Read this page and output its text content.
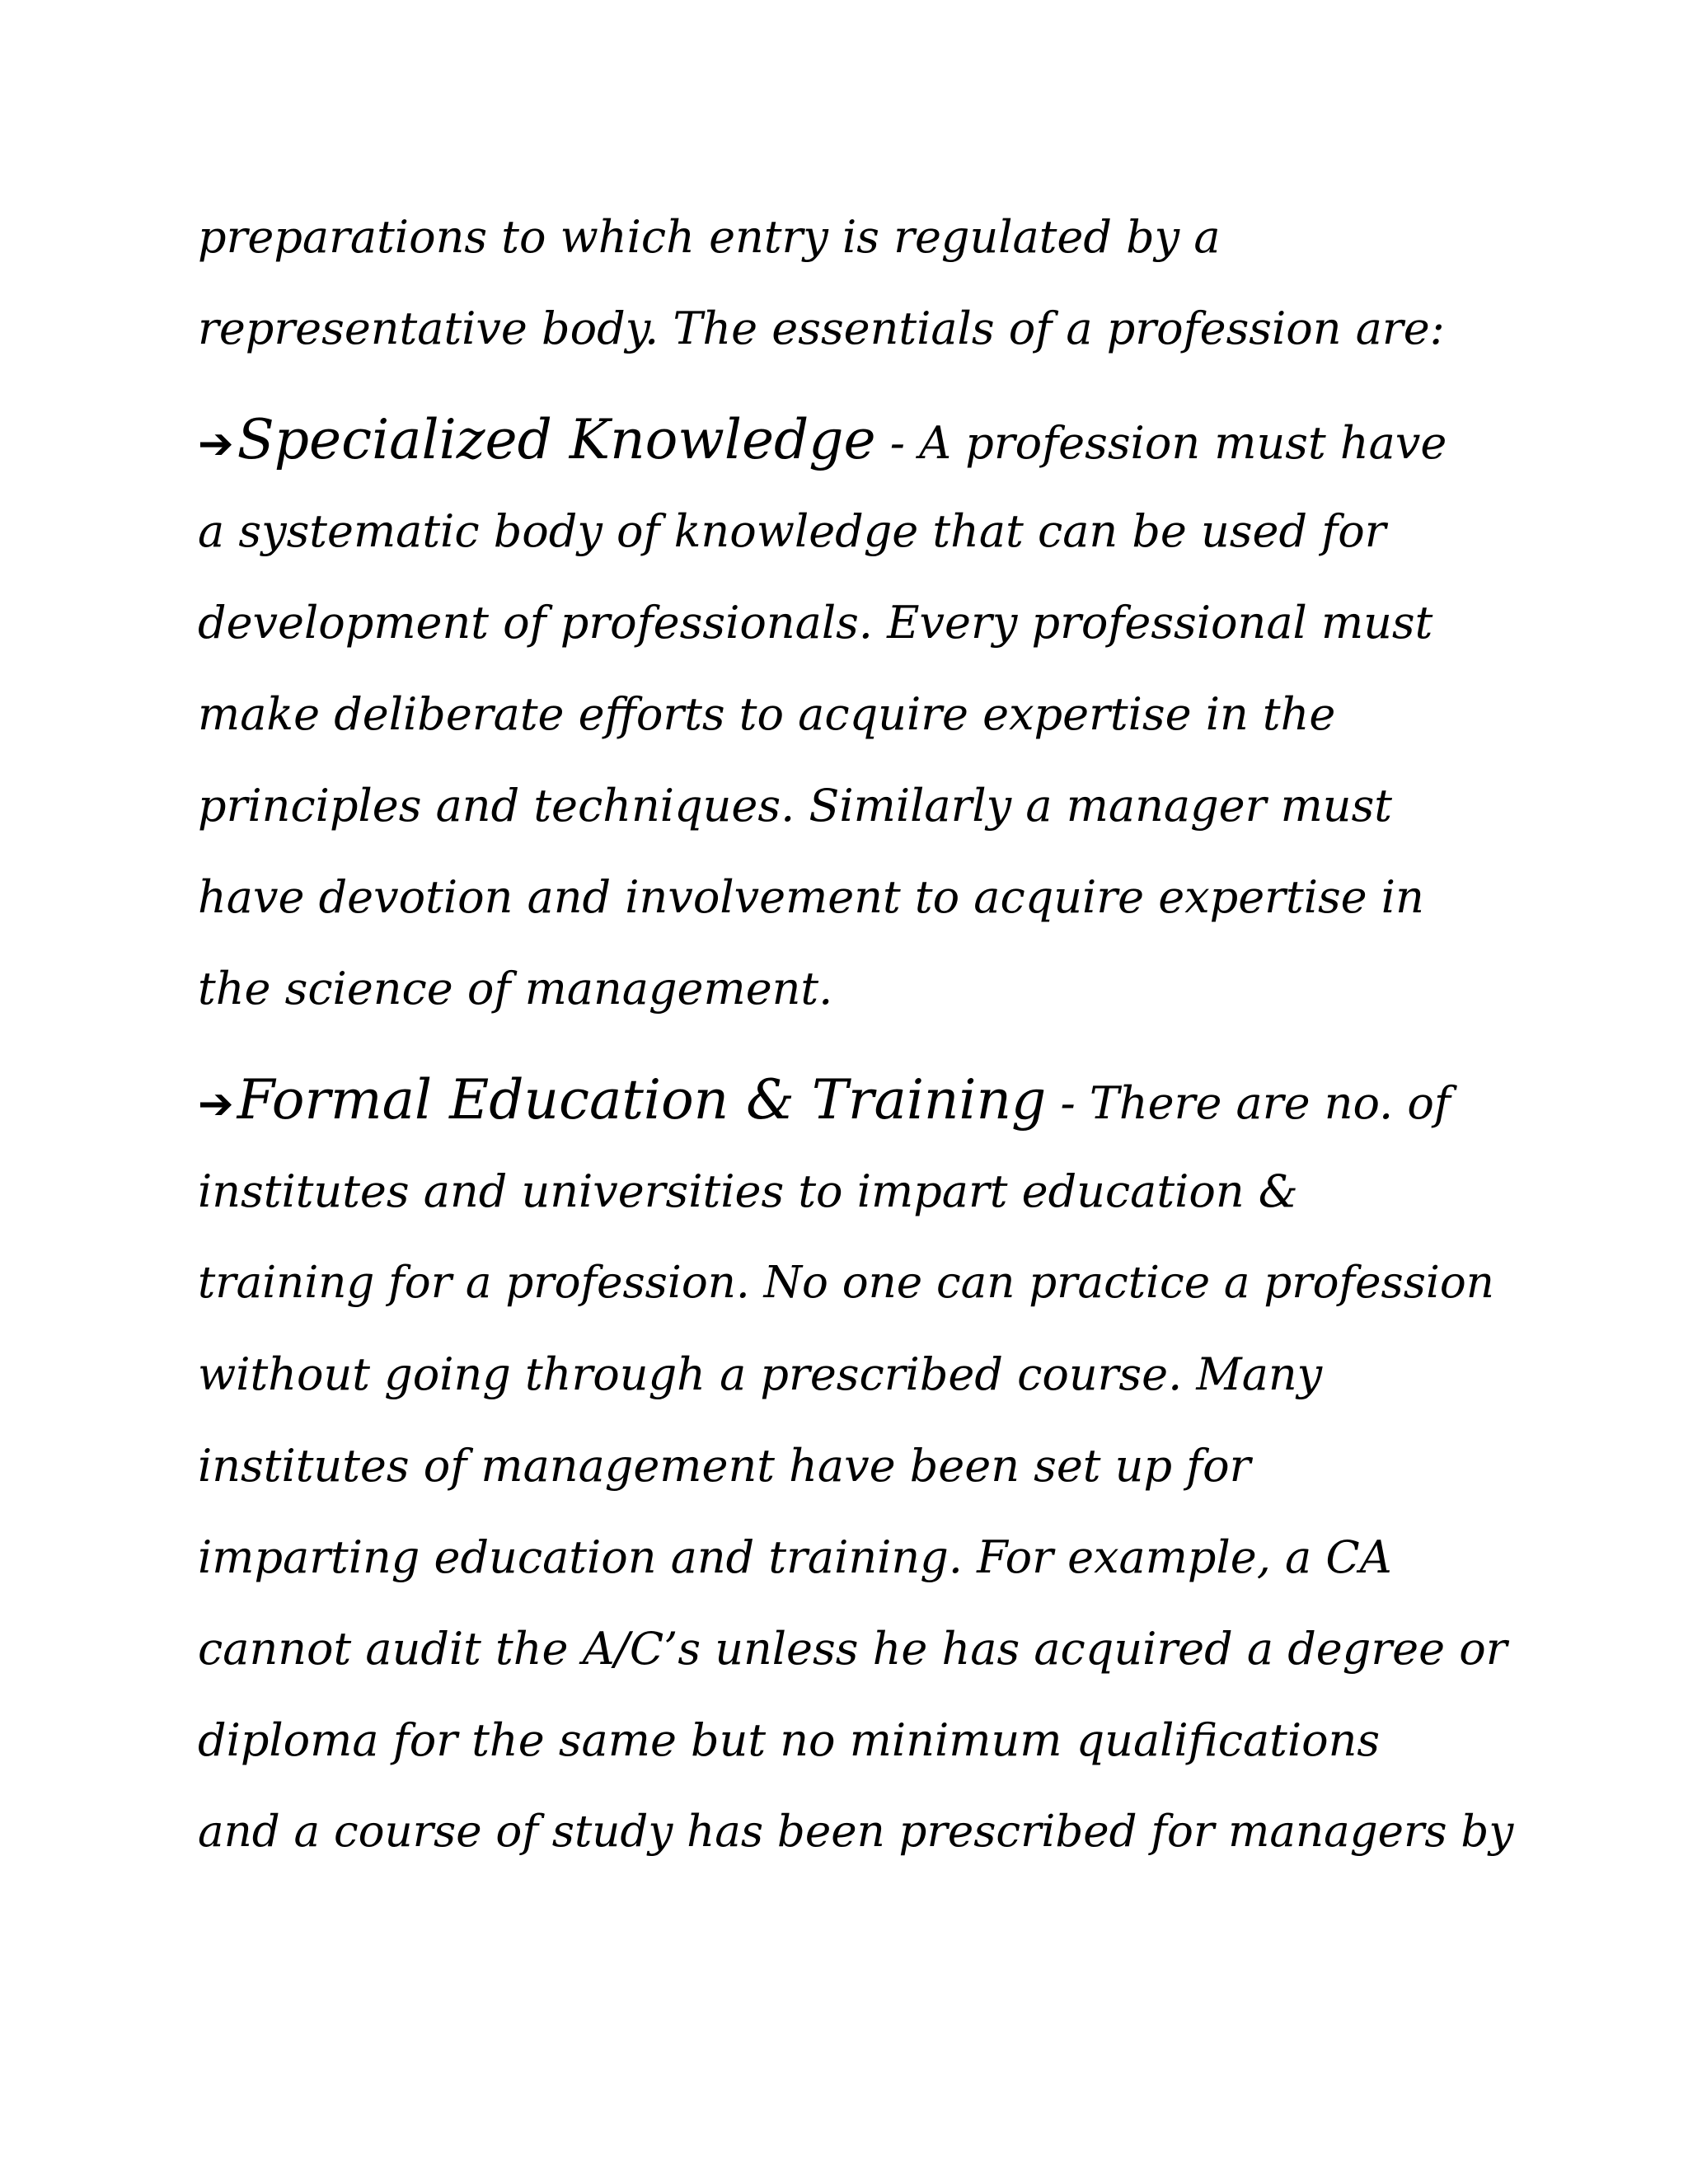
preparations to which entry is regulated by a
representative body. The essentials of a profession are:
➔Specialized Knowledge - A profession must have
a systematic body of knowledge that can be used for
development of professionals. Every professional must
make deliberate efforts to acquire expertise in the
principles and techniques. Similarly a manager must
have devotion and involvement to acquire expertise in
the science of management.
➔Formal Education & Training - There are no. of
institutes and universities to impart education &
training for a profession. No one can practice a profession
without going through a prescribed course. Many
institutes of management have been set up for
imparting education and training. For example, a CA
cannot audit the A/C’s unless he has acquired a degree or
diploma for the same but no minimum qualifications
and a course of study has been prescribed for managers by
